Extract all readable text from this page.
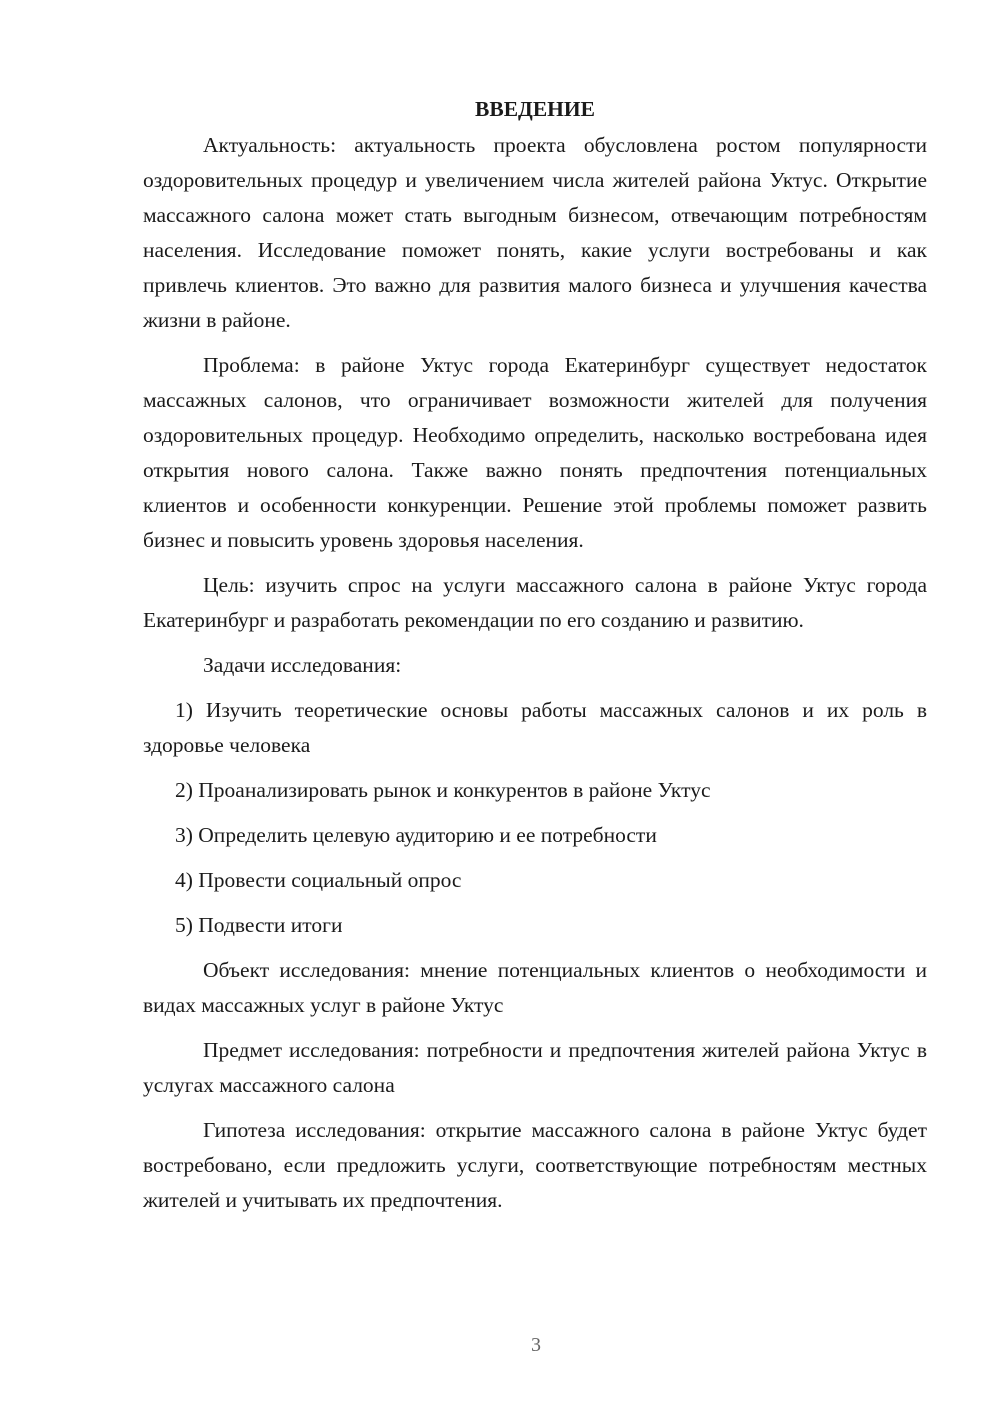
ВВЕДЕНИЕ

Актуальность: актуальность проекта обусловлена ростом популярности оздоровительных процедур и увеличением числа жителей района Уктус. Открытие массажного салона может стать выгодным бизнесом, отвечающим потребностям населения. Исследование поможет понять, какие услуги востребованы и как привлечь клиентов. Это важно для развития малого бизнеса и улучшения качества жизни в районе.

Проблема: в районе Уктус города Екатеринбург существует недостаток массажных салонов, что ограничивает возможности жителей для получения оздоровительных процедур. Необходимо определить, насколько востребована идея открытия нового салона. Также важно понять предпочтения потенциальных клиентов и особенности конкуренции. Решение этой проблемы поможет развить бизнес и повысить уровень здоровья населения.

Цель: изучить спрос на услуги массажного салона в районе Уктус города Екатеринбург и разработать рекомендации по его созданию и развитию.

Задачи исследования:

1) Изучить теоретические основы работы массажных салонов и их роль в здоровье человека

2) Проанализировать рынок и конкурентов в районе Уктус

3) Определить целевую аудиторию и ее потребности

4) Провести социальный опрос

5) Подвести итоги

Объект исследования: мнение потенциальных клиентов о необходимости и видах массажных услуг в районе Уктус

Предмет исследования: потребности и предпочтения жителей района Уктус в услугах массажного салона

Гипотеза исследования: открытие массажного салона в районе Уктус будет востребовано, если предложить услуги, соответствующие потребностям местных жителей и учитывать их предпочтения.

3
